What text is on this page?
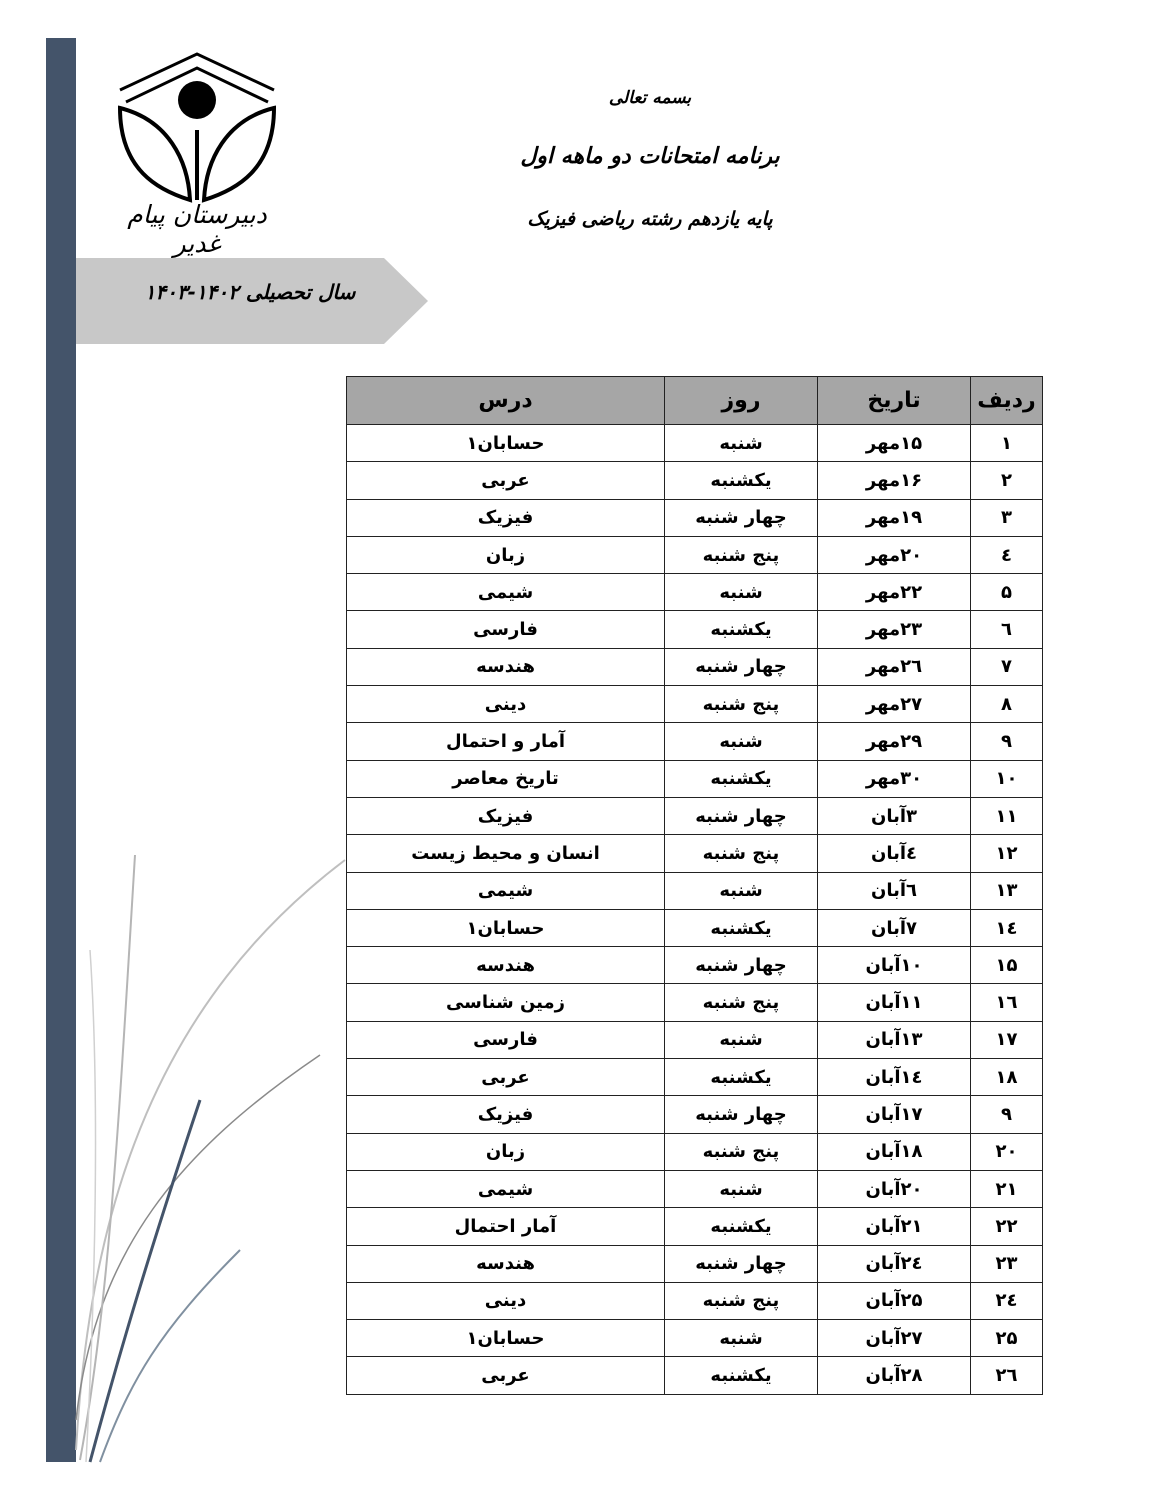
دبیرستان پیام غدیر
بسمه تعالی
برنامه امتحانات دو ماهه اول
پایه یازدهم رشته ریاضی فیزیک
سال تحصیلی ۱۴۰۲-۱۴۰۳
ردیف	تاریخ	روز	درس
۱	۱۵مهر	شنبه	حسابان۱
۲	۱۶مهر	یکشنبه	عربی
۳	۱۹مهر	چهار شنبه	فیزیک
٤	۲۰مهر	پنج شنبه	زبان
۵	۲۲مهر	شنبه	شیمی
٦	۲۳مهر	یکشنبه	فارسی
۷	۲٦مهر	چهار شنبه	هندسه
۸	۲۷مهر	پنج شنبه	دینی
۹	۲۹مهر	شنبه	آمار و احتمال
۱۰	۳۰مهر	یکشنبه	تاریخ معاصر
۱۱	۳آبان	چهار شنبه	فیزیک
۱۲	٤آبان	پنج شنبه	انسان و محیط زیست
۱۳	٦آبان	شنبه	شیمی
۱٤	۷آبان	یکشنبه	حسابان۱
۱۵	۱۰آبان	چهار شنبه	هندسه
۱٦	۱۱آبان	پنج شنبه	زمین شناسی
۱۷	۱۳آبان	شنبه	فارسی
۱۸	۱٤آبان	یکشنبه	عربی
۹	۱۷آبان	چهار شنبه	فیزیک
۲۰	۱۸آبان	پنج شنبه	زبان
۲۱	۲۰آبان	شنبه	شیمی
۲۲	۲۱آبان	یکشنبه	آمار احتمال
۲۳	۲٤آبان	چهار شنبه	هندسه
۲٤	۲۵آبان	پنج شنبه	دینی
۲۵	۲۷آبان	شنبه	حسابان۱
۲٦	۲۸آبان	یکشنبه	عربی
